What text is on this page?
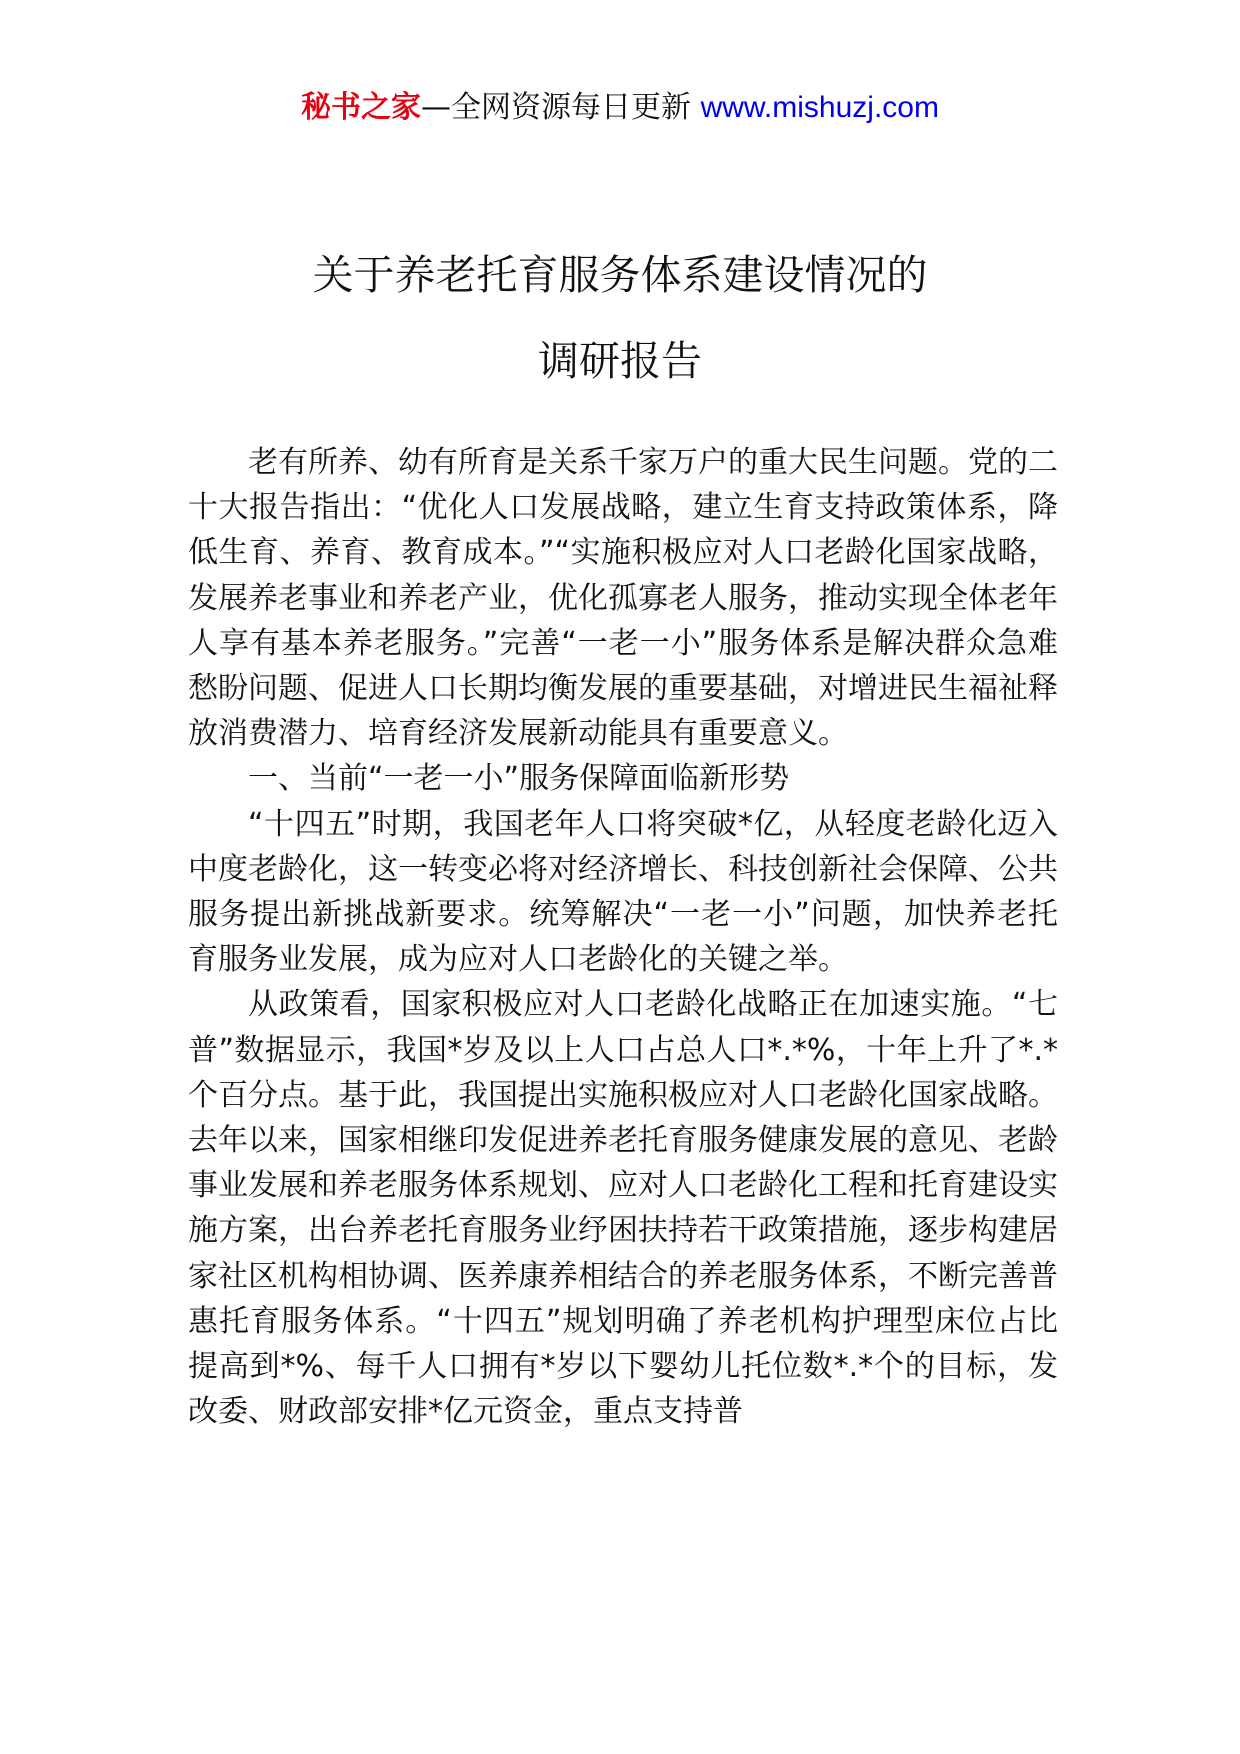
秘书之家—全网资源每日更新 www.mishuzj.com
关于养老托育服务体系建设情况的
调研报告

老有所养、幼有所育是关系千家万户的重大民生问题。党的二十大报告指出：“优化人口发展战略，建立生育支持政策体系，降低生育、养育、教育成本。”“实施积极应对人口老龄化国家战略，发展养老事业和养老产业，优化孤寡老人服务，推动实现全体老年人享有基本养老服务。”完善“一老一小”服务体系是解决群众急难愁盼问题、促进人口长期均衡发展的重要基础，对增进民生福祉释放消费潜力、培育经济发展新动能具有重要意义。

一、当前“一老一小”服务保障面临新形势

“十四五”时期，我国老年人口将突破*亿，从轻度老龄化迈入中度老龄化，这一转变必将对经济增长、科技创新社会保障、公共服务提出新挑战新要求。统筹解决“一老一小”问题，加快养老托育服务业发展，成为应对人口老龄化的关键之举。

从政策看，国家积极应对人口老龄化战略正在加速实施。“七普”数据显示，我国*岁及以上人口占总人口*.*%，十年上升了*.*个百分点。基于此，我国提出实施积极应对人口老龄化国家战略。去年以来，国家相继印发促进养老托育服务健康发展的意见、老龄事业发展和养老服务体系规划、应对人口老龄化工程和托育建设实施方案，出台养老托育服务业纾困扶持若干政策措施，逐步构建居家社区机构相协调、医养康养相结合的养老服务体系，不断完善普惠托育服务体系。“十四五”规划明确了养老机构护理型床位占比提高到*%、每千人口拥有*岁以下婴幼儿托位数*.*个的目标，发改委、财政部安排*亿元资金，重点支持普
